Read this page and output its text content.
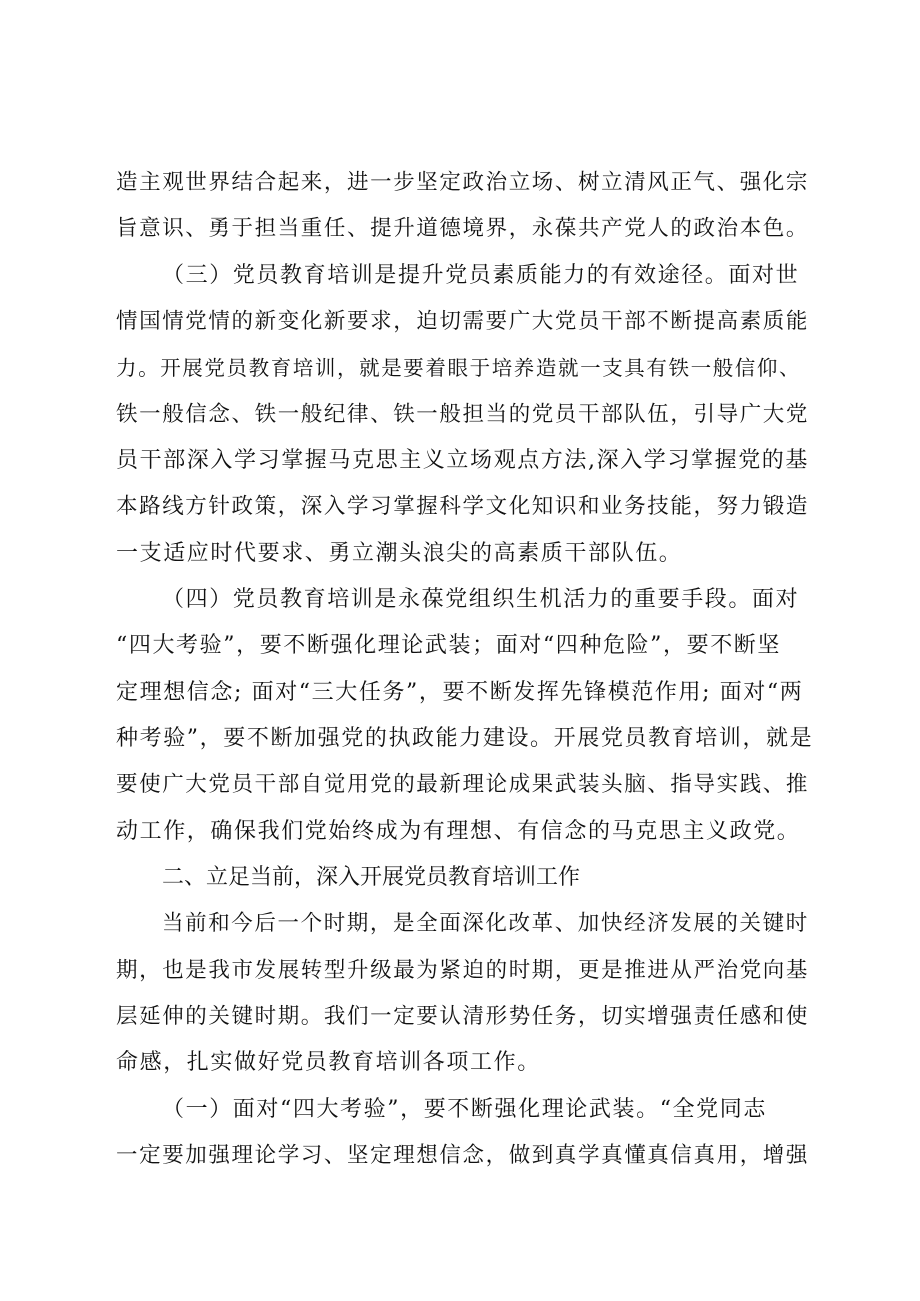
造主观世界结合起来，进一步坚定政治立场、树立清风正气、强化宗

旨意识、勇于担当重任、提升道德境界，永葆共产党人的政治本色。

（三）党员教育培训是提升党员素质能力的有效途径。面对世

情国情党情的新变化新要求，迫切需要广大党员干部不断提高素质能

力。开展党员教育培训，就是要着眼于培养造就一支具有铁一般信仰、

铁一般信念、铁一般纪律、铁一般担当的党员干部队伍，引导广大党

员干部深入学习掌握马克思主义立场观点方法,深入学习掌握党的基

本路线方针政策，深入学习掌握科学文化知识和业务技能，努力锻造

一支适应时代要求、勇立潮头浪尖的高素质干部队伍。

（四）党员教育培训是永葆党组织生机活力的重要手段。面对

“四大考验”，要不断强化理论武装；面对“四种危险”，要不断坚

定理想信念; 面对“三大任务”，要不断发挥先锋模范作用; 面对“两

种考验”，要不断加强党的执政能力建设。开展党员教育培训，就是

要使广大党员干部自觉用党的最新理论成果武装头脑、指导实践、推

动工作，确保我们党始终成为有理想、有信念的马克思主义政党。

二、立足当前，深入开展党员教育培训工作

当前和今后一个时期，是全面深化改革、加快经济发展的关键时

期，也是我市发展转型升级最为紧迫的时期，更是推进从严治党向基

层延伸的关键时期。我们一定要认清形势任务，切实增强责任感和使

命感，扎实做好党员教育培训各项工作。

（一）面对“四大考验”，要不断强化理论武装。“全党同志

一定要加强理论学习、坚定理想信念，做到真学真懂真信真用，增强
